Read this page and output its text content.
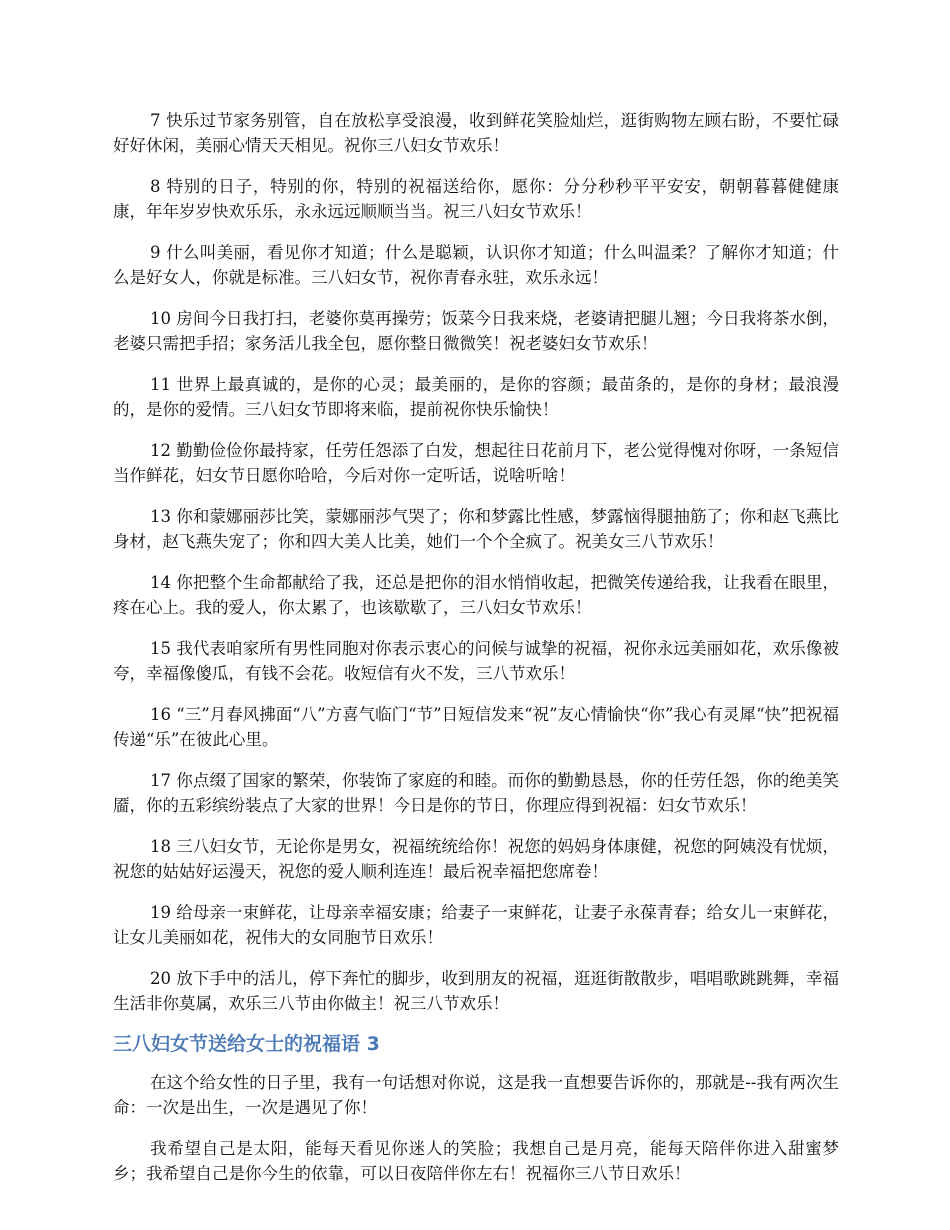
7 快乐过节家务别管，自在放松享受浪漫，收到鲜花笑脸灿烂，逛街购物左顾右盼，不要忙碌好好休闲，美丽心情天天相见。祝你三八妇女节欢乐！

8 特别的日子，特别的你，特别的祝福送给你，愿你：分分秒秒平平安安，朝朝暮暮健健康康，年年岁岁快欢乐乐，永永远远顺顺当当。祝三八妇女节欢乐！

9 什么叫美丽，看见你才知道；什么是聪颖，认识你才知道；什么叫温柔？了解你才知道；什么是好女人，你就是标准。三八妇女节，祝你青春永驻，欢乐永远！

10 房间今日我打扫，老婆你莫再操劳；饭菜今日我来烧，老婆请把腿儿翘；今日我将茶水倒，老婆只需把手招；家务活儿我全包，愿你整日微微笑！祝老婆妇女节欢乐！

11 世界上最真诚的，是你的心灵；最美丽的，是你的容颜；最苗条的，是你的身材；最浪漫的，是你的爱情。三八妇女节即将来临，提前祝你快乐愉快！

12 勤勤俭俭你最持家，任劳任怨添了白发，想起往日花前月下，老公觉得愧对你呀，一条短信当作鲜花，妇女节日愿你哈哈，今后对你一定听话，说啥听啥！

13 你和蒙娜丽莎比笑，蒙娜丽莎气哭了；你和梦露比性感，梦露恼得腿抽筋了；你和赵飞燕比身材，赵飞燕失宠了；你和四大美人比美，她们一个个全疯了。祝美女三八节欢乐！

14 你把整个生命都献给了我，还总是把你的泪水悄悄收起，把微笑传递给我，让我看在眼里，疼在心上。我的爱人，你太累了，也该歇歇了，三八妇女节欢乐！

15 我代表咱家所有男性同胞对你表示衷心的问候与诚挚的祝福，祝你永远美丽如花，欢乐像被夸，幸福像傻瓜，有钱不会花。收短信有火不发，三八节欢乐！

16 “三”月春风拂面“八”方喜气临门“节”日短信发来“祝”友心情愉快“你”我心有灵犀“快”把祝福传递“乐”在彼此心里。

17 你点缀了国家的繁荣，你装饰了家庭的和睦。而你的勤勤恳恳，你的任劳任怨，你的绝美笑靥，你的五彩缤纷装点了大家的世界！今日是你的节日，你理应得到祝福：妇女节欢乐！

18 三八妇女节，无论你是男女，祝福统统给你！祝您的妈妈身体康健，祝您的阿姨没有忧烦，祝您的姑姑好运漫天，祝您的爱人顺利连连！最后祝幸福把您席卷！

19 给母亲一束鲜花，让母亲幸福安康；给妻子一束鲜花，让妻子永葆青春；给女儿一束鲜花，让女儿美丽如花，祝伟大的女同胞节日欢乐！

20 放下手中的活儿，停下奔忙的脚步，收到朋友的祝福，逛逛街散散步，唱唱歌跳跳舞，幸福生活非你莫属，欢乐三八节由你做主！祝三八节欢乐！

三八妇女节送给女士的祝福语 3

在这个给女性的日子里，我有一句话想对你说，这是我一直想要告诉你的，那就是--我有两次生命：一次是出生，一次是遇见了你！

我希望自己是太阳，能每天看见你迷人的笑脸；我想自己是月亮，能每天陪伴你进入甜蜜梦乡；我希望自己是你今生的依靠，可以日夜陪伴你左右！祝福你三八节日欢乐！
